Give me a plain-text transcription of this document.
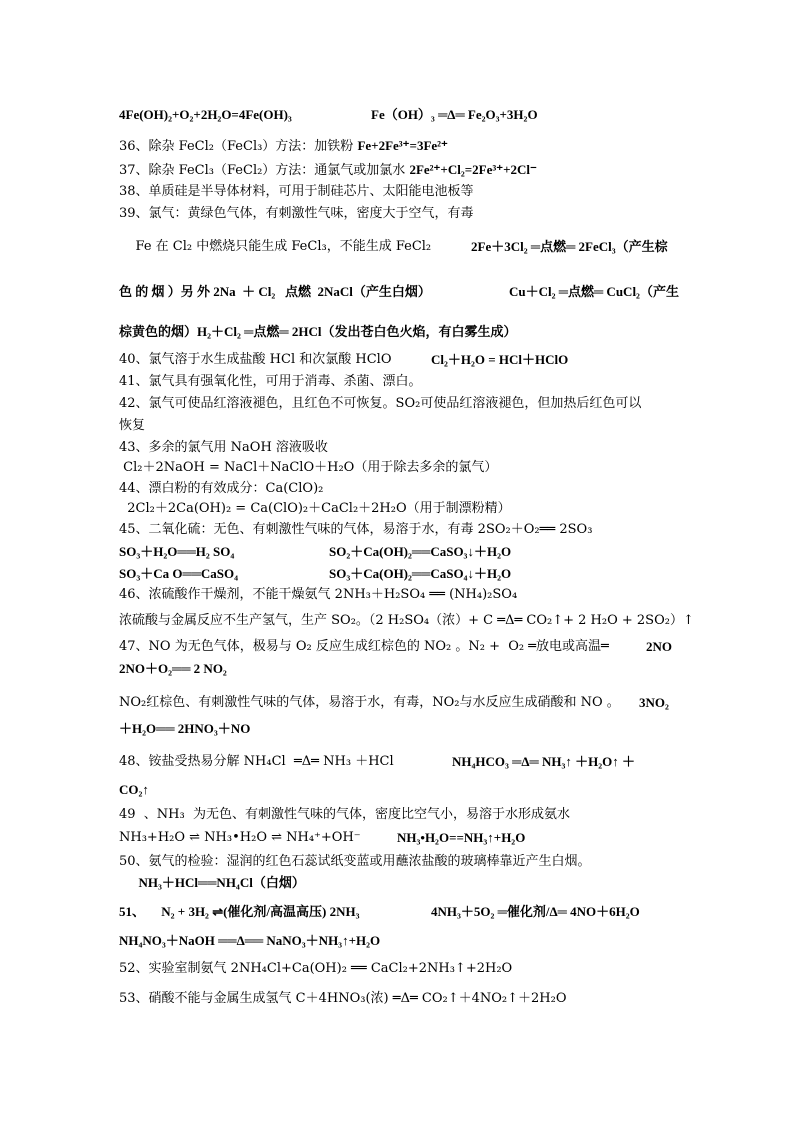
4Fe(OH)₂+O₂+2H₂O=4Fe(OH)₃	Fe（OH）₃ ═Δ═ Fe₂O₃+3H₂O
36、除杂 FeCl₂（FeCl₃）方法：加铁粉 Fe+2Fe³⁺=3Fe²⁺
37、除杂 FeCl₃（FeCl₂）方法：通氯气或加氯水 2Fe²⁺+Cl₂=2Fe³⁺+2Cl⁻
38、单质硅是半导体材料，可用于制硅芯片、太阳能电池板等
39、氯气：黄绿色气体，有刺激性气味，密度大于空气，有毒
Fe 在 Cl₂ 中燃烧只能生成 FeCl₃，不能生成 FeCl₂	2Fe＋3Cl₂ ═点燃═ 2FeCl₃（产生棕
色 的 烟 ）另 外 2Na  ＋ Cl₂   点燃  2NaCl（产生白烟）	Cu＋Cl₂ ═点燃═ CuCl₂（产生
棕黄色的烟）H₂＋Cl₂ ═点燃═ 2HCl（发出苍白色火焰，有白雾生成）
40、氯气溶于水生成盐酸 HCl 和次氯酸 HClO	Cl₂＋H₂O = HCl＋HClO
41、氯气具有强氧化性，可用于消毒、杀菌、漂白。
42、氯气可使品红溶液褪色，且红色不可恢复。SO₂可使品红溶液褪色，但加热后红色可以
恢复
43、多余的氯气用 NaOH 溶液吸收
Cl₂＋2NaOH = NaCl＋NaClO＋H₂O（用于除去多余的氯气）
44、漂白粉的有效成分：Ca(ClO)₂
2Cl₂＋2Ca(OH)₂ = Ca(ClO)₂＋CaCl₂＋2H₂O（用于制漂粉精）
45、二氧化硫：无色、有刺激性气味的气体，易溶于水，有毒 2SO₂＋O₂══ 2SO₃
SO₃＋H₂O══H₂ SO₄	SO₂＋Ca(OH)₂══CaSO₃↓＋H₂O
SO₃＋Ca O══CaSO₄	SO₃＋Ca(OH)₂══CaSO₄↓＋H₂O
46、浓硫酸作干燥剂，不能干燥氨气 2NH₃＋H₂SO₄ ══ (NH₄)₂SO₄
浓硫酸与金属反应不生产氢气，生产 SO₂。（2 H₂SO₄（浓）+ C ═Δ═ CO₂↑+ 2 H₂O + 2SO₂）↑
47、NO 为无色气体，极易与 O₂ 反应生成红棕色的 NO₂ 。N₂ +  O₂ ═放电或高温═	2NO
2NO＋O₂══ 2 NO₂
NO₂红棕色、有刺激性气味的气体，易溶于水，有毒，NO₂与水反应生成硝酸和 NO 。 3NO₂
＋H₂O══ 2HNO₃＋NO
48、铵盐受热易分解 NH₄Cl  ═Δ═ NH₃ ＋HCl	NH₄HCO₃ ═Δ═ NH₃↑ ＋H₂O↑ ＋
CO₂↑
49  、NH₃  为无色、有刺激性气味的气体，密度比空气小，易溶于水形成氨水
NH₃+H₂O ⇌ NH₃•H₂O ⇌ NH₄⁺+OH⁻	NH₃•H₂O==NH₃↑+H₂O
50、氨气的检验：湿润的红色石蕊试纸变蓝或用蘸浓盐酸的玻璃棒靠近产生白烟。
NH₃＋HCl══NH₄Cl（白烟）
51、     N₂ + 3H₂ ⇌(催化剂/高温高压) 2NH₃	4NH₃＋5O₂ ═催化剂/Δ═ 4NO＋6H₂O
NH₄NO₃＋NaOH ══Δ══ NaNO₃＋NH₃↑+H₂O
52、实验室制氨气 2NH₄Cl+Ca(OH)₂ ══ CaCl₂+2NH₃↑+2H₂O
53、硝酸不能与金属生成氢气 C＋4HNO₃(浓) ═Δ═ CO₂↑＋4NO₂↑＋2H₂O
